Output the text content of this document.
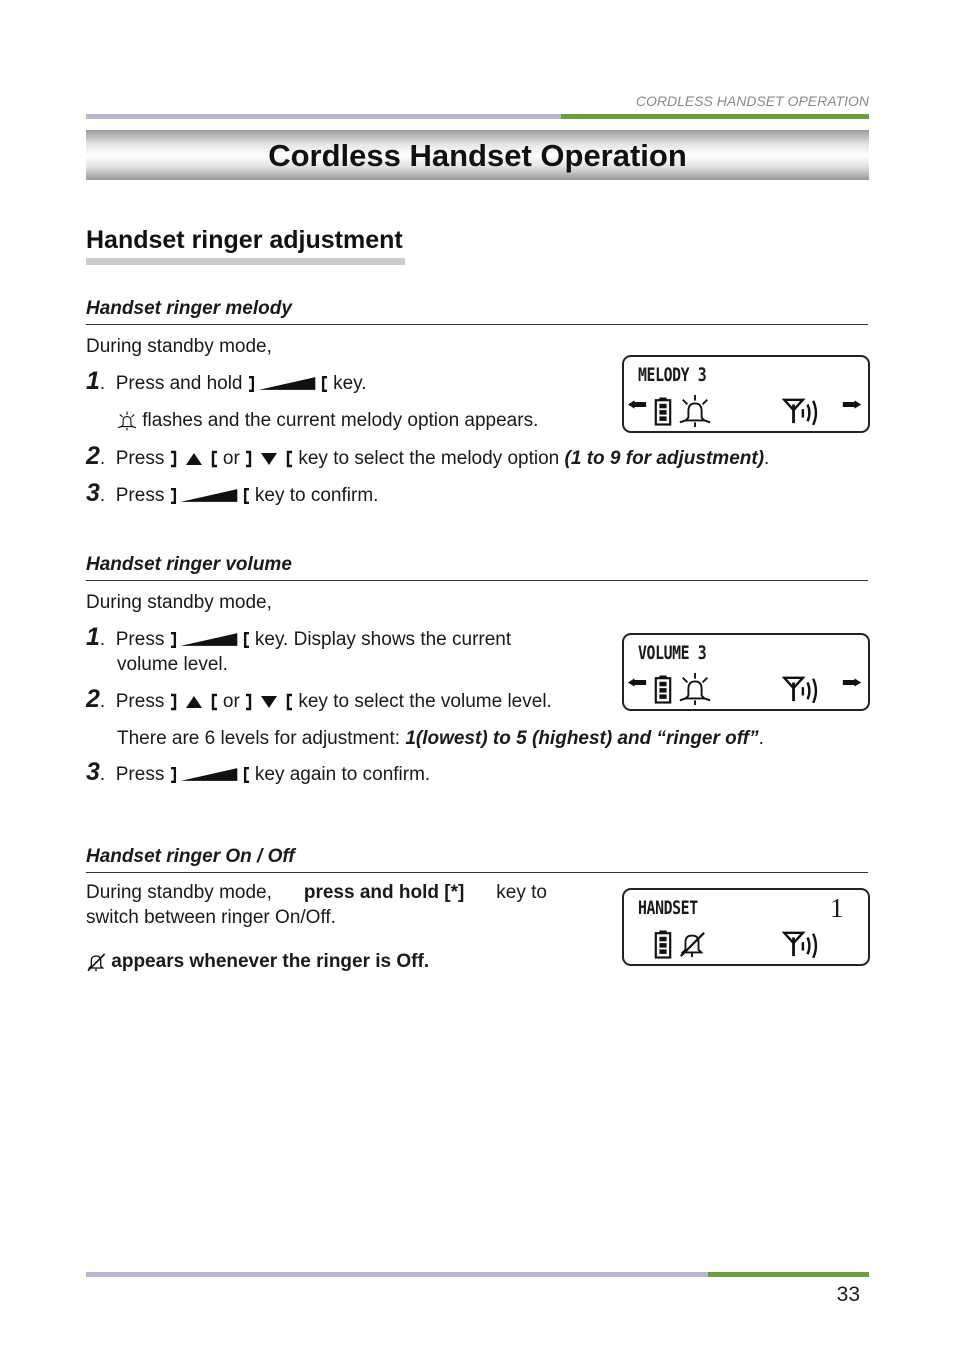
CORDLESS HANDSET OPERATION
Cordless Handset Operation
Handset ringer adjustment
Handset ringer melody
During standby mode,
1.  Press and hold	key.
flashes and the current melody option appears.
2.  Press	or	key to select the melody option (1 to 9 for adjustment).
3.  Press	key to confirm.
MELODY 3
Handset ringer volume
During standby mode,
1.  Press	key. Display shows the current
volume level.
2.  Press	or	key to select the volume level.
There are 6 levels for adjustment: 1(lowest) to 5 (highest) and “ringer off”.
3.  Press	key again to confirm.
VOLUME 3
Handset ringer On / Off
During standby mode, press and hold [*] key to
switch between ringer On/Off.
appears whenever the ringer is Off.
HANDSET	1
33
